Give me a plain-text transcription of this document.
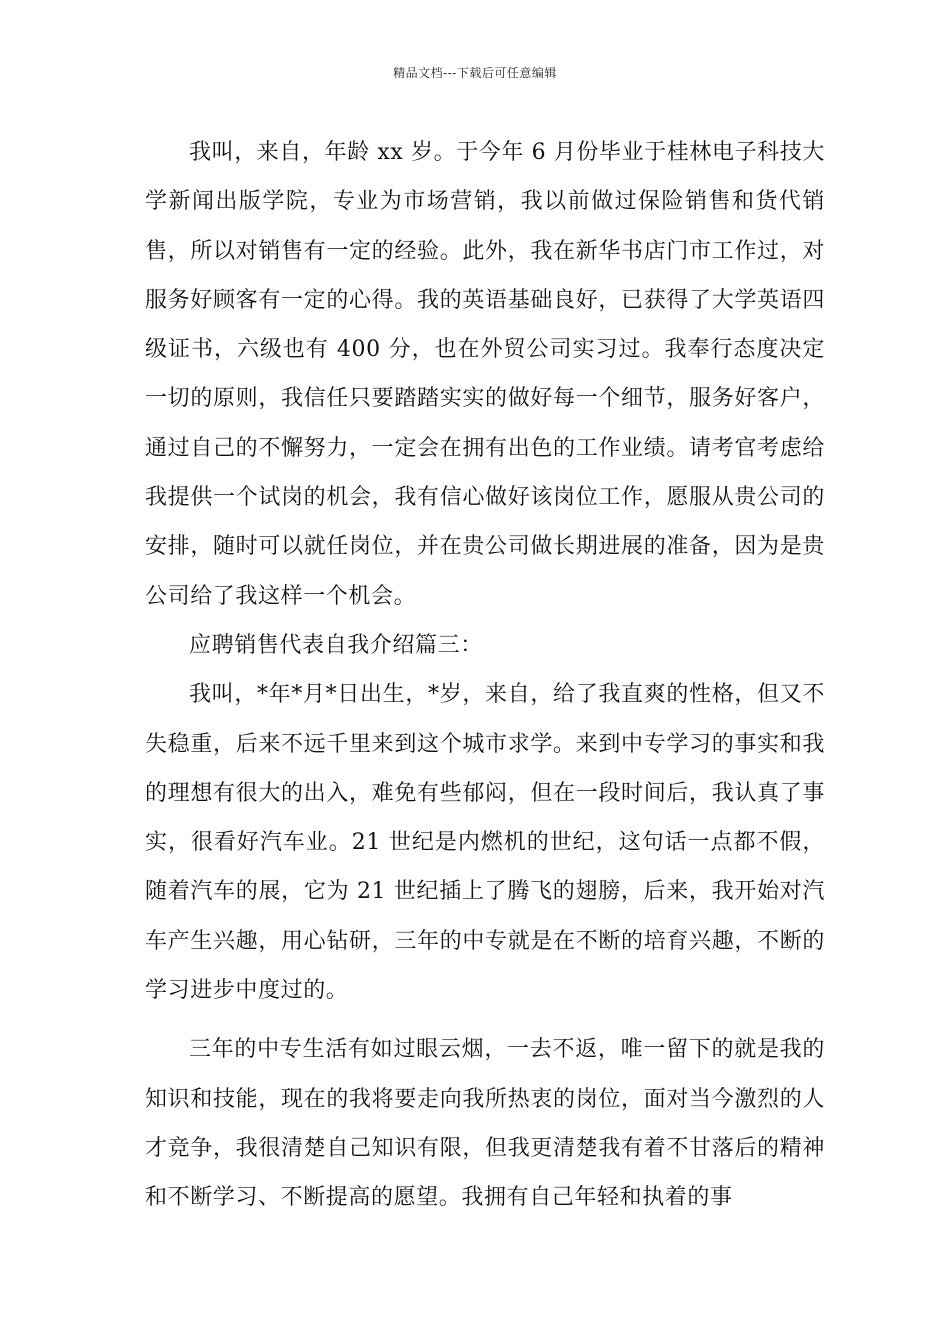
精品文档---下载后可任意编辑

我叫，来自，年龄 xx 岁。于今年 6 月份毕业于桂林电子科技大学新闻出版学院，专业为市场营销，我以前做过保险销售和货代销售，所以对销售有一定的经验。此外，我在新华书店门市工作过，对服务好顾客有一定的心得。我的英语基础良好，已获得了大学英语四级证书，六级也有 400 分，也在外贸公司实习过。我奉行态度决定一切的原则，我信任只要踏踏实实的做好每一个细节，服务好客户，通过自己的不懈努力，一定会在拥有出色的工作业绩。请考官考虑给我提供一个试岗的机会，我有信心做好该岗位工作，愿服从贵公司的安排，随时可以就任岗位，并在贵公司做长期进展的准备，因为是贵公司给了我这样一个机会。

应聘销售代表自我介绍篇三：

我叫，*年*月*日出生，*岁，来自，给了我直爽的性格，但又不失稳重，后来不远千里来到这个城市求学。来到中专学习的事实和我的理想有很大的出入，难免有些郁闷，但在一段时间后，我认真了事实，很看好汽车业。21 世纪是内燃机的世纪，这句话一点都不假，随着汽车的展，它为 21 世纪插上了腾飞的翅膀，后来，我开始对汽车产生兴趣，用心钻研，三年的中专就是在不断的培育兴趣，不断的学习进步中度过的。

三年的中专生活有如过眼云烟，一去不返，唯一留下的就是我的知识和技能，现在的我将要走向我所热衷的岗位，面对当今激烈的人才竞争，我很清楚自己知识有限，但我更清楚我有着不甘落后的精神和不断学习、不断提高的愿望。我拥有自己年轻和执着的事
